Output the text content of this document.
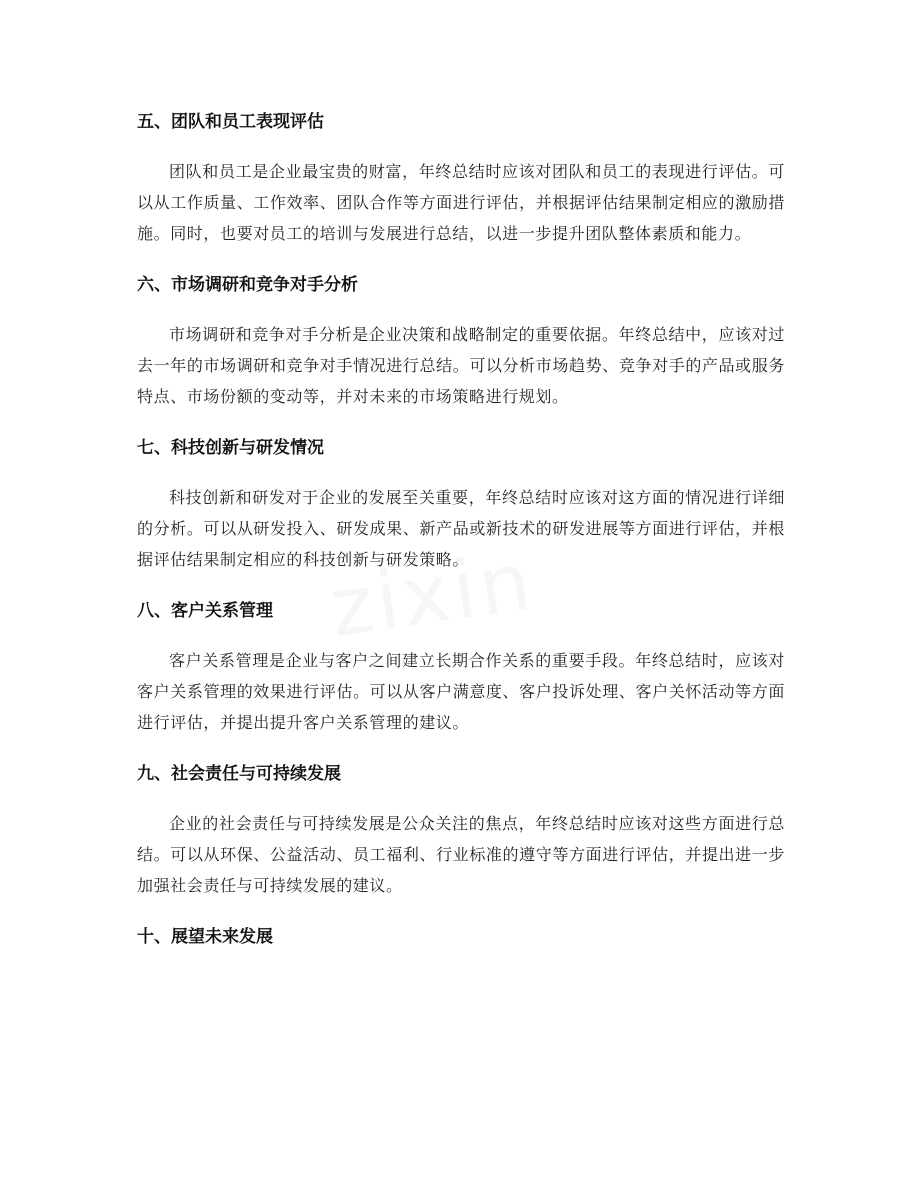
五、团队和员工表现评估

团队和员工是企业最宝贵的财富，年终总结时应该对团队和员工的表现进行评估。可以从工作质量、工作效率、团队合作等方面进行评估，并根据评估结果制定相应的激励措施。同时，也要对员工的培训与发展进行总结，以进一步提升团队整体素质和能力。

六、市场调研和竞争对手分析

市场调研和竞争对手分析是企业决策和战略制定的重要依据。年终总结中，应该对过去一年的市场调研和竞争对手情况进行总结。可以分析市场趋势、竞争对手的产品或服务特点、市场份额的变动等，并对未来的市场策略进行规划。

七、科技创新与研发情况

科技创新和研发对于企业的发展至关重要，年终总结时应该对这方面的情况进行详细的分析。可以从研发投入、研发成果、新产品或新技术的研发进展等方面进行评估，并根据评估结果制定相应的科技创新与研发策略。

八、客户关系管理

客户关系管理是企业与客户之间建立长期合作关系的重要手段。年终总结时，应该对客户关系管理的效果进行评估。可以从客户满意度、客户投诉处理、客户关怀活动等方面进行评估，并提出提升客户关系管理的建议。

九、社会责任与可持续发展

企业的社会责任与可持续发展是公众关注的焦点，年终总结时应该对这些方面进行总结。可以从环保、公益活动、员工福利、行业标准的遵守等方面进行评估，并提出进一步加强社会责任与可持续发展的建议。

十、展望未来发展
